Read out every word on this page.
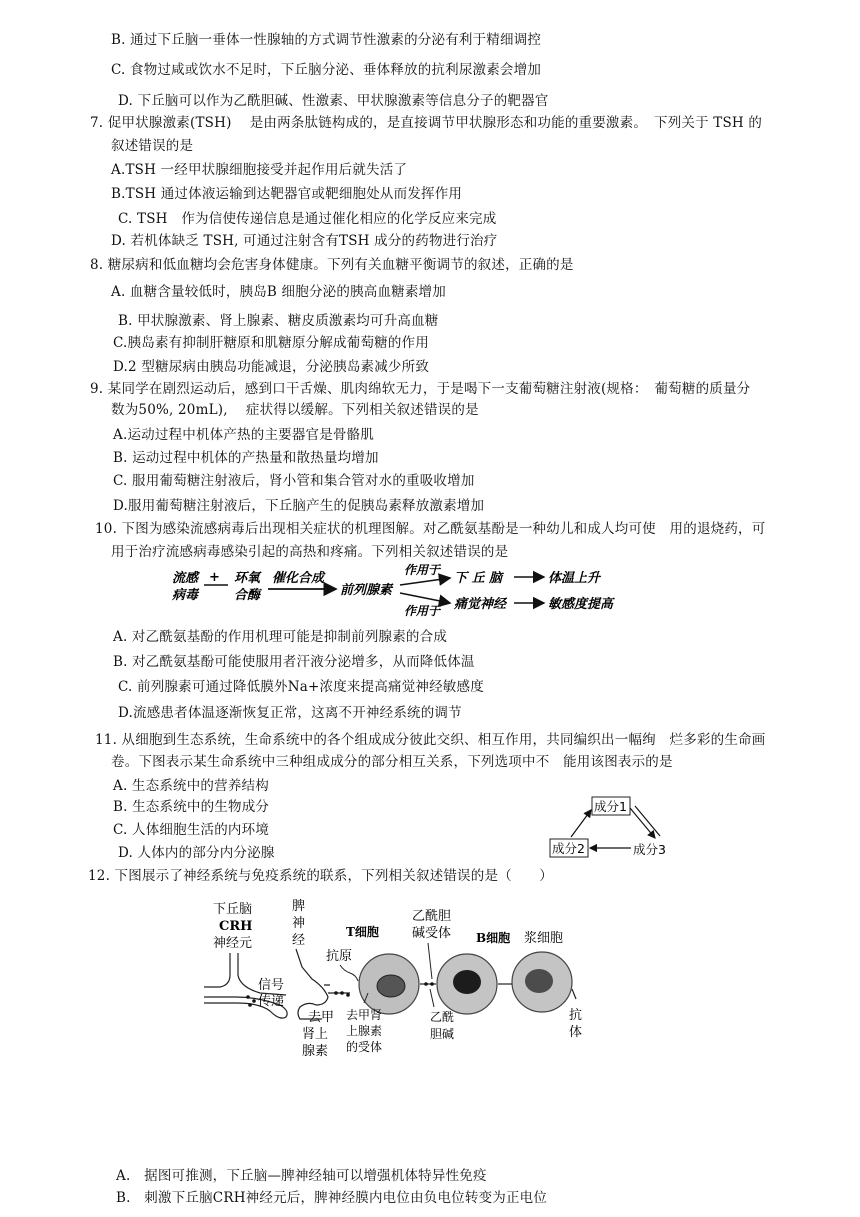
B. 通过下丘脑一垂体一性腺轴的方式调节性激素的分泌有利于精细调控
C. 食物过咸或饮水不足时，下丘脑分泌、垂体释放的抗利尿激素会增加
D. 下丘脑可以作为乙酰胆碱、性激素、甲状腺激素等信息分子的靶器官
7. 促甲状腺激素(TSH)　 是由两条肽链构成的，是直接调节甲状腺形态和功能的重要激素。　下列关于 TSH 的
叙述错误的是
A.TSH 一经甲状腺细胞接受并起作用后就失活了
B.TSH 通过体液运输到达靶器官或靶细胞处从而发挥作用
C. TSH　作为信使传递信息是通过催化相应的化学反应来完成
D. 若机体缺乏 TSH, 可通过注射含有TSH 成分的药物进行治疗
8. 糖尿病和低血糖均会危害身体健康。下列有关血糖平衡调节的叙述，正确的是
A. 血糖含量较低时，胰岛B 细胞分泌的胰高血糖素增加
B. 甲状腺激素、肾上腺素、糖皮质激素均可升高血糖
C.胰岛素有抑制肝糖原和肌糖原分解成葡萄糖的作用
D.2 型糖尿病由胰岛功能减退，分泌胰岛素减少所致
9. 某同学在剧烈运动后，感到口干舌燥、肌肉绵软无力，于是喝下一支葡萄糖注射液(规格：　葡萄糖的质量分
数为50%, 20mL),　 症状得以缓解。下列相关叙述错误的是
A.运动过程中机体产热的主要器官是骨骼肌
B. 运动过程中机体的产热量和散热量均增加
C. 服用葡萄糖注射液后，肾小管和集合管对水的重吸收增加
D.服用葡萄糖注射液后，下丘脑产生的促胰岛素释放激素增加
10. 下图为感染流感病毒后出现相关症状的机理图解。对乙酰氨基酚是一种幼儿和成人均可使　用的退烧药，可
用于治疗流感病毒感染引起的高热和疼痛。下列相关叙述错误的是
流感
病毒
+ 环氧
合酶
催化合成
前列腺素
作用于
下 丘 脑	体温上升
作用于 痛觉神经	敏感度提高
A. 对乙酰氨基酚的作用机理可能是抑制前列腺素的合成
B. 对乙酰氨基酚可能使服用者汗液分泌增多，从而降低体温
C. 前列腺素可通过降低膜外Na+浓度来提高痛觉神经敏感度
D.流感患者体温逐渐恢复正常，这离不开神经系统的调节
11. 从细胞到生态系统，生命系统中的各个组成成分彼此交织、相互作用，共同编织出一幅绚　烂多彩的生命画
卷。下图表示某生命系统中三种组成成分的部分相互关系，下列选项中不　能用该图表示的是
A. 生态系统中的营养结构
B. 生态系统中的生物成分
C. 人体细胞生活的内环境
D. 人体内的部分内分泌腺
成分1
成分2	成分3
12. 下图展示了神经系统与免疫系统的联系，下列相关叙述错误的是（　　）
下丘脑
CRH
神经元
信号
传递
脾
神
经
抗原
T细胞
乙酰胆
碱受体 B细胞 浆细胞
去甲
肾上
腺素
去甲肾
上腺素
的受体
乙酰
胆碱
抗
体
A.　据图可推测，下丘脑—脾神经轴可以增强机体特异性免疫
B.　刺激下丘脑CRH神经元后，脾神经膜内电位由负电位转变为正电位
